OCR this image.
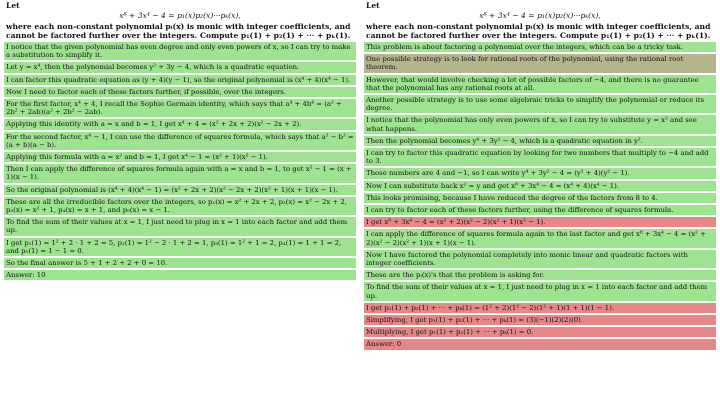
Let
x⁸ + 3x⁴ − 4 = p₁(x)p₂(x)···pₖ(x),
where each non-constant polynomial pᵢ(x) is monic with integer coefficients, and cannot be factored further over the integers. Compute p₁(1) + p₂(1) + ··· + pₖ(1).
I notice that the given polynomial has even degree and only even powers of x, so I can try to make a substitution to simplify it.
Let y = x⁴, then the polynomial becomes y² + 3y − 4, which is a quadratic equation.
I can factor this quadratic equation as (y + 4)(y − 1), so the original polynomial is (x⁴ + 4)(x⁴ − 1).
Now I need to factor each of these factors further, if possible, over the integers.
For the first factor, x⁴ + 4, I recall the Sophie Germain identity, which says that a⁴ + 4b⁴ = (a² + 2b² + 2ab)(a² + 2b² − 2ab).
Applying this identity with a = x and b = 1, I get x⁴ + 4 = (x² + 2x + 2)(x² − 2x + 2).
For the second factor, x⁴ − 1, I can use the difference of squares formula, which says that a² − b² = (a + b)(a − b).
Applying this formula with a = x² and b = 1, I get x⁴ − 1 = (x² + 1)(x² − 1).
Then I can apply the difference of squares formula again with a = x and b = 1, to get x² − 1 = (x + 1)(x − 1).
So the original polynomial is (x⁴ + 4)(x⁴ − 1) = (x² + 2x + 2)(x² − 2x + 2)(x² + 1)(x + 1)(x − 1).
These are all the irreducible factors over the integers, so p₁(x) = x² + 2x + 2, p₂(x) = x² − 2x + 2, p₃(x) = x² + 1, p₄(x) = x + 1, and p₅(x) = x − 1.
To find the sum of their values at x = 1, I just need to plug in x = 1 into each factor and add them up.
I get p₁(1) = 1² + 2 · 1 + 2 = 5, p₂(1) = 1² − 2 · 1 + 2 = 1, p₃(1) = 1² + 1 = 2, p₄(1) = 1 + 1 = 2, and p₅(1) = 1 − 1 = 0.
So the final answer is 5 + 1 + 2 + 2 + 0 = 10.
Answer: 10
Let
x⁸ + 3x⁴ − 4 = p₁(x)p₂(x)···pₖ(x),
where each non-constant polynomial pᵢ(x) is monic with integer coefficients, and cannot be factored further over the integers. Compute p₁(1) + p₂(1) + ··· + pₖ(1).
This problem is about factoring a polynomial over the integers, which can be a tricky task.
One possible strategy is to look for rational roots of the polynomial, using the rational root theorem.
However, that would involve checking a lot of possible factors of −4, and there is no guarantee that the polynomial has any rational roots at all.
Another possible strategy is to use some algebraic tricks to simplify the polynomial or reduce its degree.
I notice that the polynomial has only even powers of x, so I can try to substitute y = x² and see what happens.
Then the polynomial becomes y⁴ + 3y² − 4, which is a quadratic equation in y².
I can try to factor this quadratic equation by looking for two numbers that multiply to −4 and add to 3.
Those numbers are 4 and −1, so I can write y⁴ + 3y² − 4 = (y² + 4)(y² − 1).
Now I can substitute back x² = y and get x⁸ + 3x⁴ − 4 = (x⁴ + 4)(x⁴ − 1).
This looks promising, because I have reduced the degree of the factors from 8 to 4.
I can try to factor each of these factors further, using the difference of squares formula.
I get x⁸ + 3x⁴ − 4 = (x² + 2)(x² − 2)(x² + 1)(x² − 1).
I can apply the difference of squares formula again to the last factor and get x⁸ + 3x⁴ − 4 = (x² + 2)(x² − 2)(x² + 1)(x + 1)(x − 1).
Now I have factored the polynomial completely into monic linear and quadratic factors with integer coefficients.
These are the pᵢ(x)'s that the problem is asking for.
To find the sum of their values at x = 1, I just need to plug in x = 1 into each factor and add them up.
I get p₁(1) + p₂(1) + ··· + pₖ(1) = (1² + 2)(1² − 2)(1² + 1)(1 + 1)(1 − 1).
Simplifying, I get p₁(1) + p₂(1) + ··· + pₖ(1) = (3)(−1)(2)(2)(0).
Multiplying, I get p₁(1) + p₂(1) + ··· + pₖ(1) = 0.
Answer: 0
